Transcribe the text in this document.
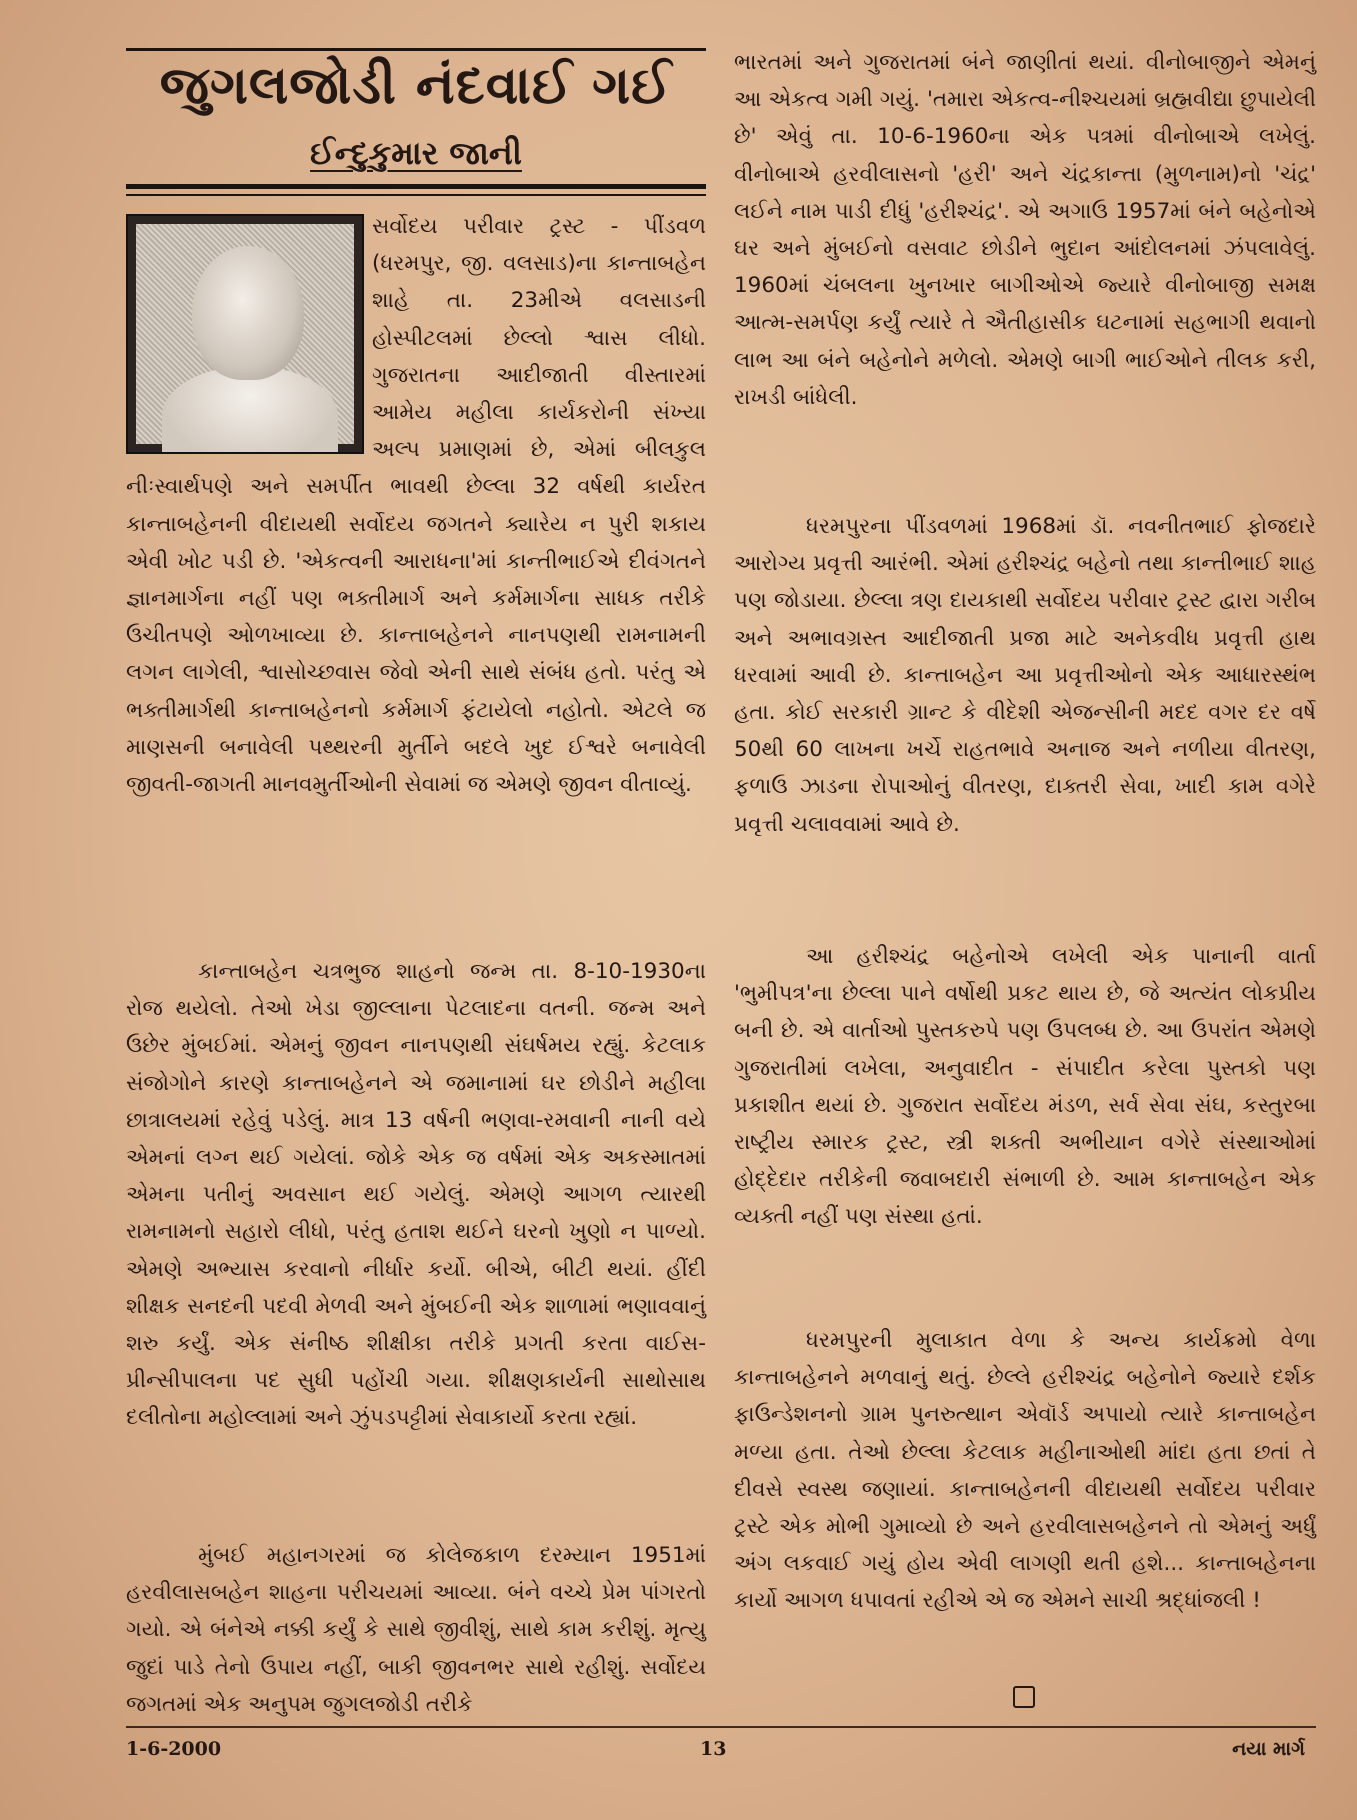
જુગલજોડી નંદવાઈ ગઈ
ઈન્દુકુમાર જાની

સર્વોદય પરીવાર ટ્રસ્ટ - પીંડવળ (ધરમપુર, જી. વલસાડ)ના કાન્તાબહેન શાહે તા. 23મીએ વલસાડની હોસ્પીટલમાં છેલ્લો શ્વાસ લીધો. ગુજરાતના આદીજાતી વીસ્તારમાં આમેય મહીલા કાર્યકરોની સંખ્યા અલ્પ પ્રમાણમાં છે, એમાં બીલકુલ નીઃસ્વાર્થપણે અને સમર્પીત ભાવથી છેલ્લા 32 વર્ષથી કાર્યરત કાન્તાબહેનની વીદાયથી સર્વોદય જગતને ક્યારેય ન પુરી શકાય એવી ખોટ પડી છે. 'એકત્વની આરાધના'માં કાન્તીભાઈએ દીવંગતને જ્ઞાનમાર્ગના નહીં પણ ભક્તીમાર્ગ અને કર્મમાર્ગના સાધક તરીકે ઉચીતપણે ઓળખાવ્યા છે. કાન્તાબહેનને નાનપણથી રામનામની લગન લાગેલી, શ્વાસોચ્છવાસ જેવો એની સાથે સંબંધ હતો. પરંતુ એ ભક્તીમાર્ગથી કાન્તાબહેનનો કર્મમાર્ગ ફંટાયેલો નહોતો. એટલે જ માણસની બનાવેલી પથ્થરની મુર્તીને બદલે ખુદ ઈશ્વરે બનાવેલી જીવતી-જાગતી માનવમુર્તીઓની સેવામાં જ એમણે જીવન વીતાવ્યું.

કાન્તાબહેન ચત્રભુજ શાહનો જન્મ તા. 8-10-1930ના રોજ થયેલો. તેઓ ખેડા જીલ્લાના પેટલાદના વતની. જન્મ અને ઉછેર મુંબઈમાં. એમનું જીવન નાનપણથી સંઘર્ષમય રહ્યું. કેટલાક સંજોગોને કારણે કાન્તાબહેનને એ જમાનામાં ઘર છોડીને મહીલા છાત્રાલયમાં રહેવું પડેલું. માત્ર 13 વર્ષની ભણવા-રમવાની નાની વયે એમનાં લગ્ન થઈ ગયેલાં. જોકે એક જ વર્ષમાં એક અકસ્માતમાં એમના પતીનું અવસાન થઈ ગયેલું. એમણે આગળ ત્યારથી રામનામનો સહારો લીધો, પરંતુ હતાશ થઈને ઘરનો ખુણો ન પાળ્યો. એમણે અભ્યાસ કરવાનો નીર્ધાર કર્યો. બીએ, બીટી થયાં. હીંદી શીક્ષક સનદની પદવી મેળવી અને મુંબઈની એક શાળામાં ભણાવવાનું શરુ કર્યું. એક સંનીષ્ઠ શીક્ષીકા તરીકે પ્રગતી કરતા વાઈસ-પ્રીન્સીપાલના પદ સુધી પહોંચી ગયા. શીક્ષણકાર્યની સાથોસાથ દલીતોના મહોલ્લામાં અને ઝુંપડપટ્ટીમાં સેવાકાર્યો કરતા રહ્યાં.

મુંબઈ મહાનગરમાં જ કોલેજકાળ દરમ્યાન 1951માં હરવીલાસબહેન શાહના પરીચયમાં આવ્યા. બંને વચ્ચે પ્રેમ પાંગરતો ગયો. એ બંનેએ નક્કી કર્યું કે સાથે જીવીશું, સાથે કામ કરીશું. મૃત્યુ જુદાં પાડે તેનો ઉપાય નહીં, બાકી જીવનભર સાથે રહીશું. સર્વોદય જગતમાં એક અનુપમ જુગલજોડી તરીકે

ભારતમાં અને ગુજરાતમાં બંને જાણીતાં થયાં. વીનોબાજીને એમનું આ એકત્વ ગમી ગયું. 'તમારા એકત્વ-નીશ્ચયમાં બ્રહ્મવીદ્યા છુપાયેલી છે' એવું તા. 10-6-1960ના એક પત્રમાં વીનોબાએ લખેલું. વીનોબાએ હરવીલાસનો 'હરી' અને ચંદ્રકાન્તા (મુળનામ)નો 'ચંદ્ર' લઈને નામ પાડી દીધું 'હરીશ્ચંદ્ર'. એ અગાઉ 1957માં બંને બહેનોએ ઘર અને મુંબઈનો વસવાટ છોડીને ભુદાન આંદોલનમાં ઝંપલાવેલું. 1960માં ચંબલના ખુનખાર બાગીઓએ જ્યારે વીનોબાજી સમક્ષ આત્મ-સમર્પણ કર્યું ત્યારે તે ઐતીહાસીક ઘટનામાં સહભાગી થવાનો લાભ આ બંને બહેનોને મળેલો. એમણે બાગી ભાઈઓને તીલક કરી, રાખડી બાંધેલી.

ધરમપુરના પીંડવળમાં 1968માં ડૉ. નવનીતભાઈ ફોજદારે આરોગ્ય પ્રવૃત્તી આરંભી. એમાં હરીશ્ચંદ્ર બહેનો તથા કાન્તીભાઈ શાહ પણ જોડાયા. છેલ્લા ત્રણ દાયકાથી સર્વોદય પરીવાર ટ્રસ્ટ દ્વારા ગરીબ અને અભાવગ્રસ્ત આદીજાતી પ્રજા માટે અનેકવીધ પ્રવૃત્તી હાથ ધરવામાં આવી છે. કાન્તાબહેન આ પ્રવૃત્તીઓનો એક આધારસ્થંભ હતા. કોઈ સરકારી ગ્રાન્ટ કે વીદેશી એજન્સીની મદદ વગર દર વર્ષે 50થી 60 લાખના ખર્ચે રાહતભાવે અનાજ અને નળીયા વીતરણ, ફળાઉ ઝાડના રોપાઓનું વીતરણ, દાક્તરી સેવા, ખાદી કામ વગેરે પ્રવૃત્તી ચલાવવામાં આવે છે.

આ હરીશ્ચંદ્ર બહેનોએ લખેલી એક પાનાની વાર્તા 'ભુમીપત્ર'ના છેલ્લા પાને વર્ષોથી પ્રકટ થાય છે, જે અત્યંત લોકપ્રીય બની છે. એ વાર્તાઓ પુસ્તકરુપે પણ ઉપલબ્ધ છે. આ ઉપરાંત એમણે ગુજરાતીમાં લખેલા, અનુવાદીત - સંપાદીત કરેલા પુસ્તકો પણ પ્રકાશીત થયાં છે. ગુજરાત સર્વોદય મંડળ, સર્વ સેવા સંઘ, કસ્તુરબા રાષ્ટ્રીય સ્મારક ટ્રસ્ટ, સ્ત્રી શક્તી અભીયાન વગેરે સંસ્થાઓમાં હોદ્દેદાર તરીકેની જવાબદારી સંભાળી છે. આમ કાન્તાબહેન એક વ્યક્તી નહીં પણ સંસ્થા હતાં.

ધરમપુરની મુલાકાત વેળા કે અન્ય કાર્યક્રમો વેળા કાન્તાબહેનને મળવાનું થતું. છેલ્લે હરીશ્ચંદ્ર બહેનોને જ્યારે દર્શક ફાઉન્ડેશનનો ગ્રામ પુનરુત્થાન એવૉર્ડ અપાયો ત્યારે કાન્તાબહેન મળ્યા હતા. તેઓ છેલ્લા કેટલાક મહીનાઓથી માંદા હતા છતાં તે દીવસે સ્વસ્થ જણાયાં. કાન્તાબહેનની વીદાયથી સર્વોદય પરીવાર ટ્રસ્ટે એક મોભી ગુમાવ્યો છે અને હરવીલાસબહેનને તો એમનું અર્ધું અંગ લકવાઈ ગયું હોય એવી લાગણી થતી હશે... કાન્તાબહેનના કાર્યો આગળ ધપાવતાં રહીએ એ જ એમને સાચી શ્રદ્ધાંજલી !

1-6-2000	13	નયા માર્ગ
